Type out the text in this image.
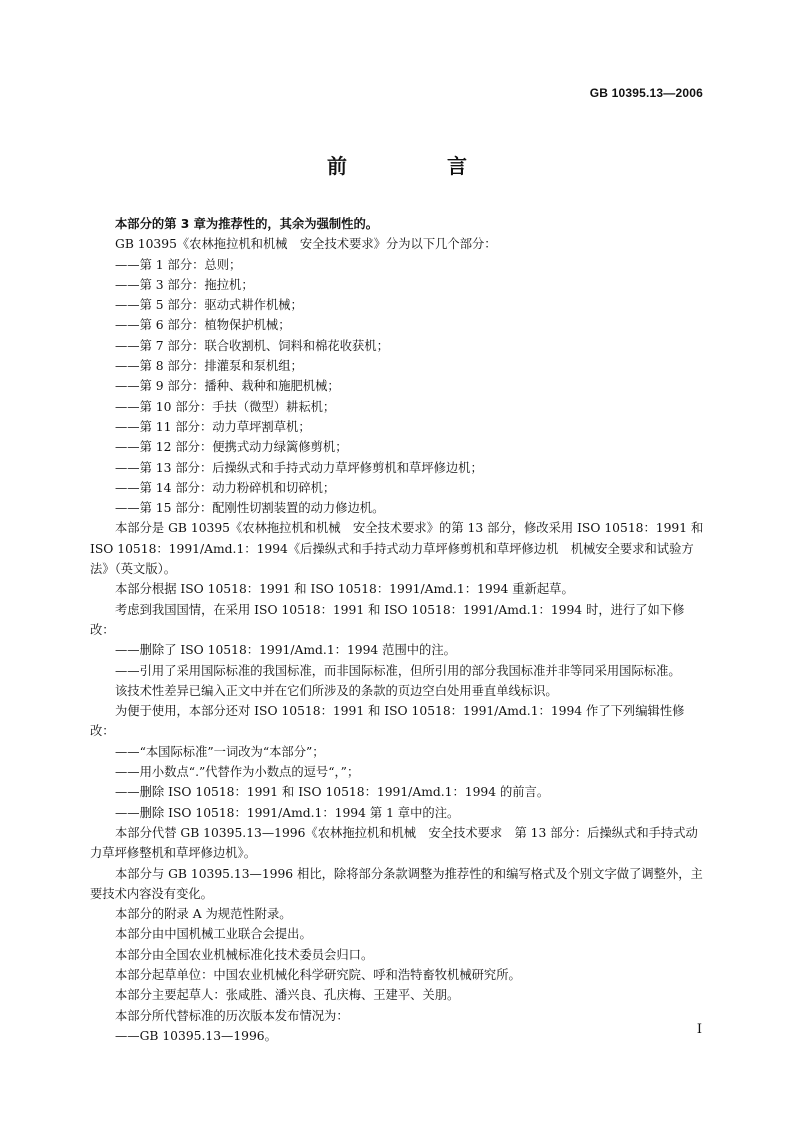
GB 10395.13—2006
前　言

本部分的第 3 章为推荐性的，其余为强制性的。

GB 10395《农林拖拉机和机械　安全技术要求》分为以下几个部分：

——第 1 部分：总则；

——第 3 部分：拖拉机；

——第 5 部分：驱动式耕作机械；

——第 6 部分：植物保护机械；

——第 7 部分：联合收割机、饲料和棉花收获机；

——第 8 部分：排灌泵和泵机组；

——第 9 部分：播种、栽种和施肥机械；

——第 10 部分：手扶（微型）耕耘机；

——第 11 部分：动力草坪割草机；

——第 12 部分：便携式动力绿篱修剪机；

——第 13 部分：后操纵式和手持式动力草坪修剪机和草坪修边机；

——第 14 部分：动力粉碎机和切碎机；

——第 15 部分：配刚性切割装置的动力修边机。

本部分是 GB 10395《农林拖拉机和机械　安全技术要求》的第 13 部分，修改采用 ISO 10518：1991 和 ISO 10518：1991/Amd.1：1994《后操纵式和手持式动力草坪修剪机和草坪修边机　机械安全要求和试验方法》（英文版）。

本部分根据 ISO 10518：1991 和 ISO 10518：1991/Amd.1：1994 重新起草。

考虑到我国国情，在采用 ISO 10518：1991 和 ISO 10518：1991/Amd.1：1994 时，进行了如下修改：

——删除了 ISO 10518：1991/Amd.1：1994 范围中的注。

——引用了采用国际标准的我国标准，而非国际标准，但所引用的部分我国标准并非等同采用国际标准。

该技术性差异已编入正文中并在它们所涉及的条款的页边空白处用垂直单线标识。

为便于使用，本部分还对 ISO 10518：1991 和 ISO 10518：1991/Amd.1：1994 作了下列编辑性修改：

——“本国际标准”一词改为“本部分”；

——用小数点“.”代替作为小数点的逗号“，”；

——删除 ISO 10518：1991 和 ISO 10518：1991/Amd.1：1994 的前言。

——删除 ISO 10518：1991/Amd.1：1994 第 1 章中的注。

本部分代替 GB 10395.13—1996《农林拖拉机和机械　安全技术要求　第 13 部分：后操纵式和手持式动力草坪修整机和草坪修边机》。

本部分与 GB 10395.13—1996 相比，除将部分条款调整为推荐性的和编写格式及个别文字做了调整外，主要技术内容没有变化。

本部分的附录 A 为规范性附录。

本部分由中国机械工业联合会提出。

本部分由全国农业机械标准化技术委员会归口。

本部分起草单位：中国农业机械化科学研究院、呼和浩特畜牧机械研究所。

本部分主要起草人：张咸胜、潘兴良、孔庆梅、王建平、关朋。

本部分所代替标准的历次版本发布情况为：

——GB 10395.13—1996。	I
